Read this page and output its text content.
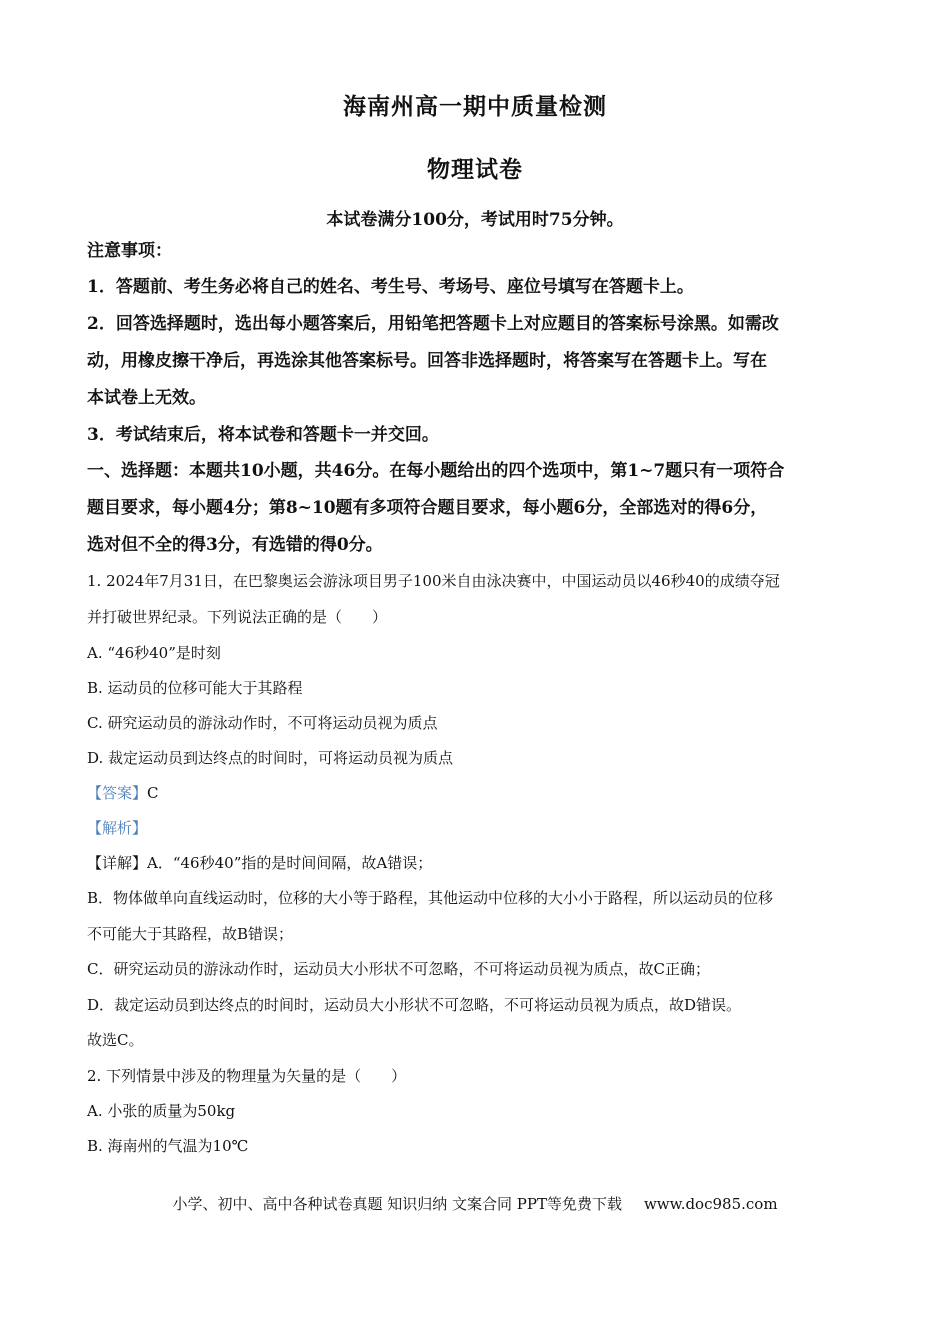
海南州高一期中质量检测
物理试卷
本试卷满分100分，考试用时75分钟。
注意事项：
1．答题前、考生务必将自己的姓名、考生号、考场号、座位号填写在答题卡上。
2．回答选择题时，选出每小题答案后，用铅笔把答题卡上对应题目的答案标号涂黑。如需改
动，用橡皮擦干净后，再选涂其他答案标号。回答非选择题时，将答案写在答题卡上。写在
本试卷上无效。
3．考试结束后，将本试卷和答题卡一并交回。
一、选择题：本题共10小题，共46分。在每小题给出的四个选项中，第1~7题只有一项符合
题目要求，每小题4分；第8~10题有多项符合题目要求，每小题6分，全部选对的得6分，
选对但不全的得3分，有选错的得0分。
1. 2024年7月31日，在巴黎奥运会游泳项目男子100米自由泳决赛中，中国运动员以46秒40的成绩夺冠
并打破世界纪录。下列说法正确的是（　　）
A. “46秒40”是时刻
B. 运动员的位移可能大于其路程
C. 研究运动员的游泳动作时，不可将运动员视为质点
D. 裁定运动员到达终点的时间时，可将运动员视为质点
【答案】C
【解析】
【详解】A．“46秒40”指的是时间间隔，故A错误；
B．物体做单向直线运动时，位移的大小等于路程，其他运动中位移的大小小于路程，所以运动员的位移
不可能大于其路程，故B错误；
C．研究运动员的游泳动作时，运动员大小形状不可忽略，不可将运动员视为质点，故C正确；
D．裁定运动员到达终点的时间时，运动员大小形状不可忽略，不可将运动员视为质点，故D错误。
故选C。
2. 下列情景中涉及的物理量为矢量的是（　　）
A. 小张的质量为50kg
B. 海南州的气温为10℃
小学、初中、高中各种试卷真题 知识归纳 文案合同 PPT等免费下载 www.doc985.com
